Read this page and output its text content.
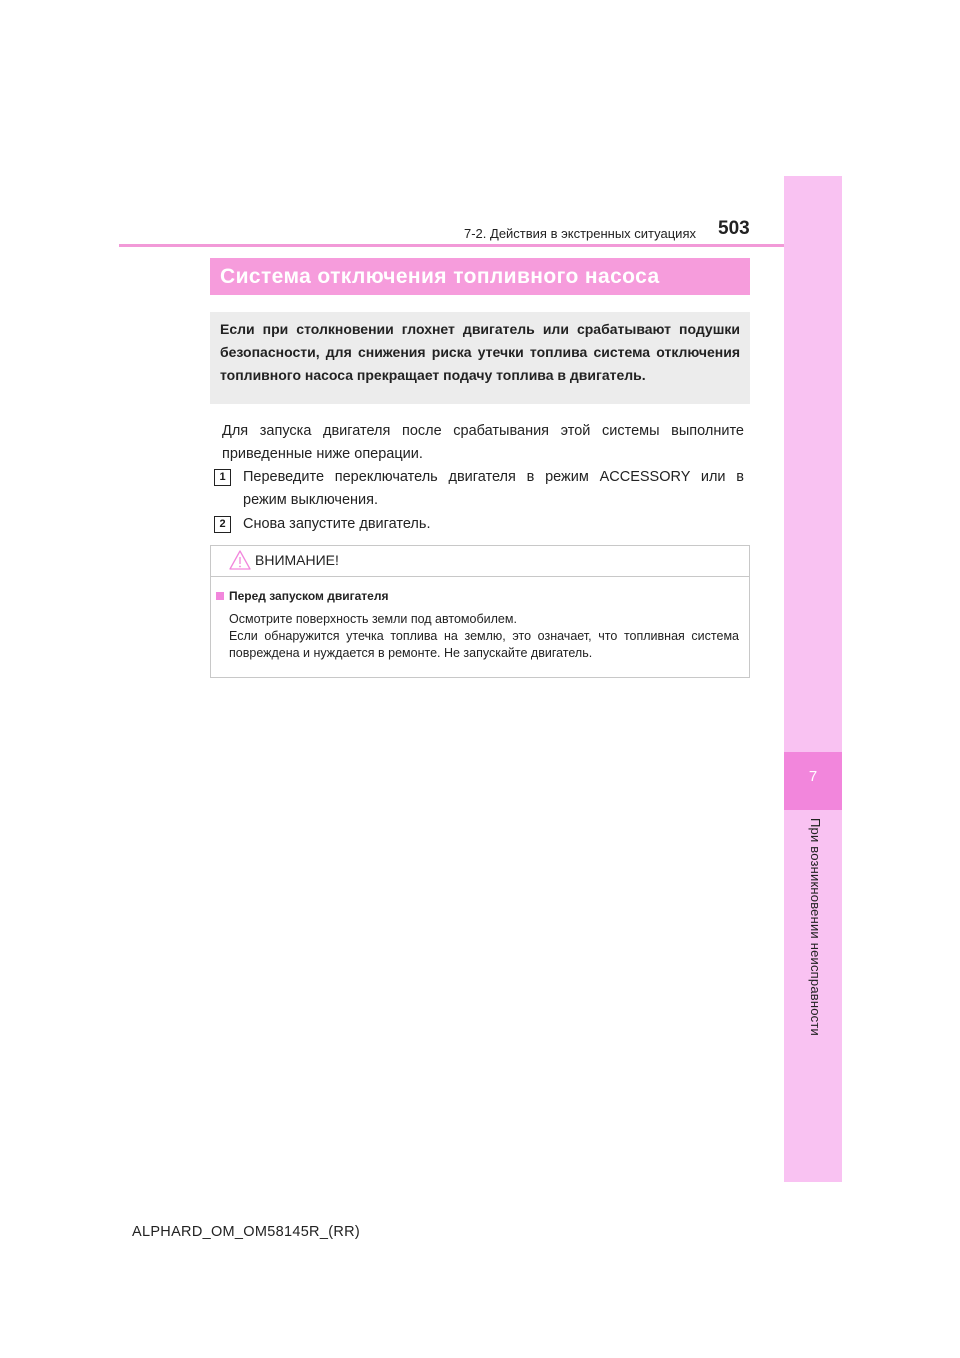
7
При возникновении неисправности
7-2. Действия в экстренных ситуациях 503
Система отключения топливного насоса
Если при столкновении глохнет двигатель или срабатывают подушки безопасности, для снижения риска утечки топлива система отключения топливного насоса прекращает подачу топлива в двигатель.
Для запуска двигателя после срабатывания этой системы выполните приведенные ниже операции.
1	Переведите переключатель двигателя в режим ACCESSORY или в режим выключения.
2	Снова запустите двигатель.
ВНИМАНИЕ!
Перед запуском двигателя

Осмотрите поверхность земли под автомобилем.

Если обнаружится утечка топлива на землю, это означает, что топливная система повреждена и нуждается в ремонте. Не запускайте двигатель.

ALPHARD_OM_OM58145R_(RR)
